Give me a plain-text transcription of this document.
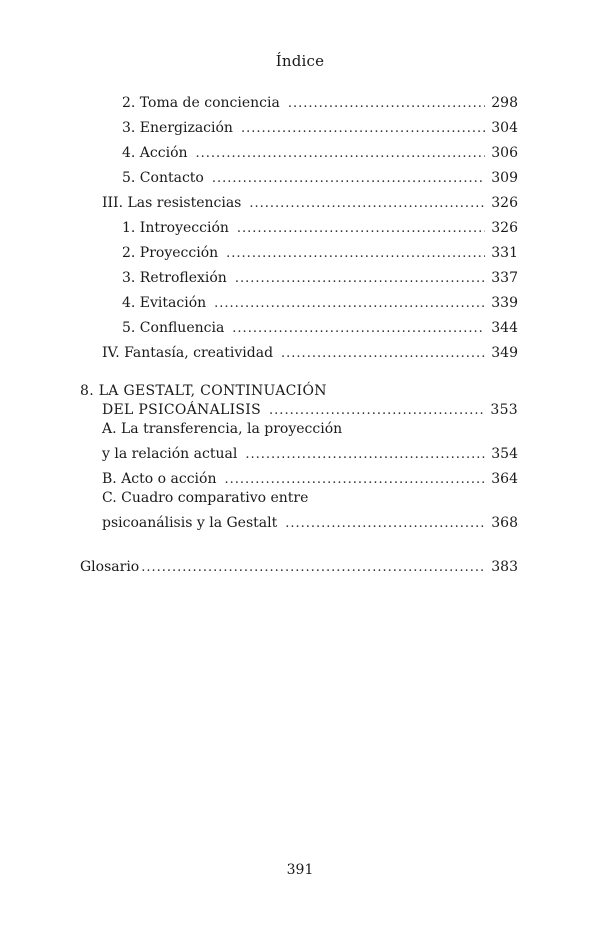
Índice
2. Toma de conciencia .....	298
3. Energización .....	304
4. Acción .....	306
5. Contacto .....	309
III. Las resistencias .....	326
1. Introyección .....	326
2. Proyección .....	331
3. Retroflexión .....	337
4. Evitación .....	339
5. Confluencia .....	344
IV. Fantasía, creatividad .....	349
8. LA GESTALT, CONTINUACIÓN
DEL PSICOÁNALISIS .....	353
A. La transferencia, la proyección
y la relación actual .....	354
B. Acto o acción .....	364
C. Cuadro comparativo entre
psicoanálisis y la Gestalt .....	368
Glosario .....	383
391
